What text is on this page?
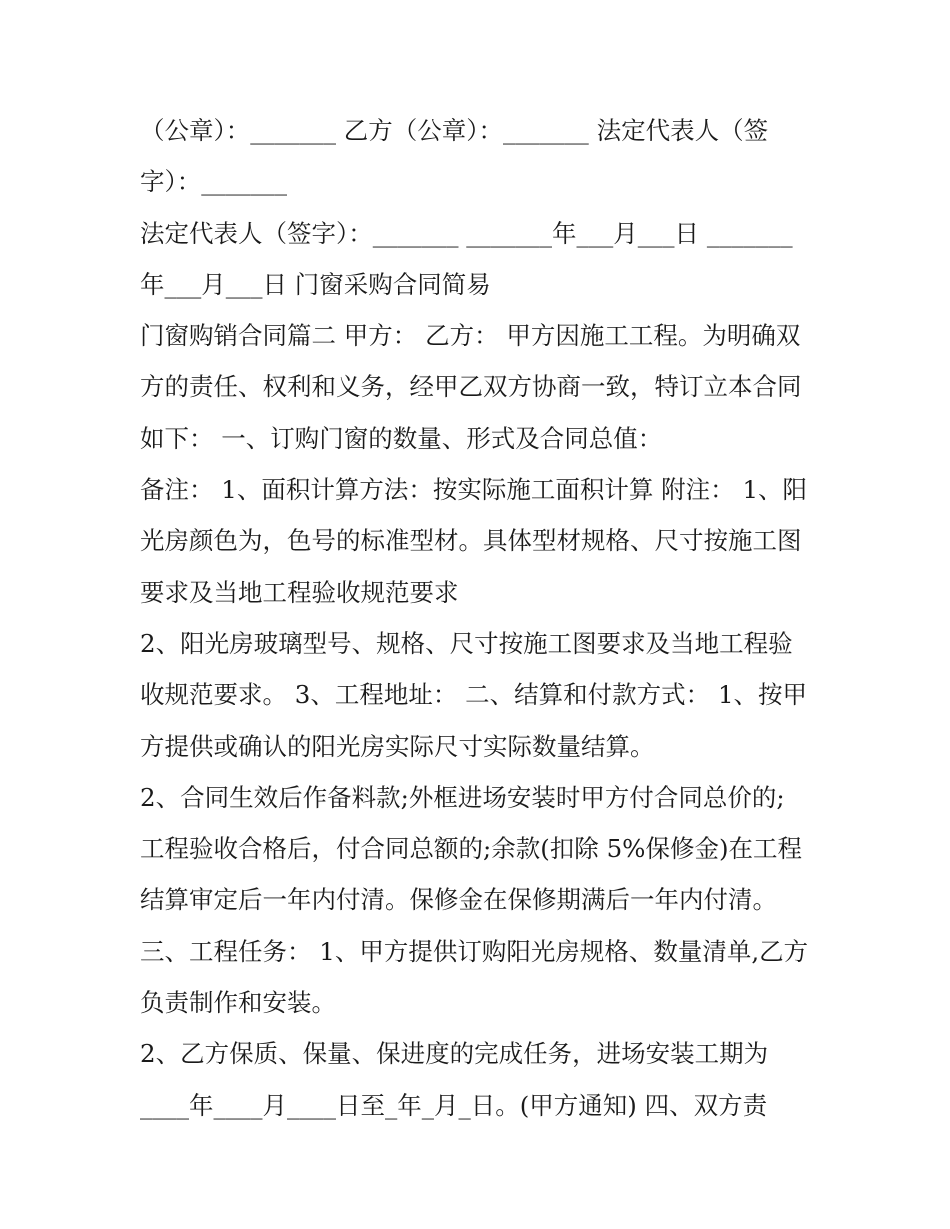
（公章）：_______ 乙方（公章）：_______ 法定代表人（签
字）：_______
法定代表人（签字）：_______ _______年___月___日 _______
年___月___日 门窗采购合同简易
门窗购销合同篇二 甲方： 乙方： 甲方因施工工程。为明确双
方的责任、权利和义务，经甲乙双方协商一致，特订立本合同
如下： 一、订购门窗的数量、形式及合同总值：
备注： 1、面积计算方法：按实际施工面积计算 附注： 1、阳
光房颜色为，色号的标准型材。具体型材规格、尺寸按施工图
要求及当地工程验收规范要求
2、阳光房玻璃型号、规格、尺寸按施工图要求及当地工程验
收规范要求。 3、工程地址： 二、结算和付款方式： 1、按甲
方提供或确认的阳光房实际尺寸实际数量结算。
2、合同生效后作备料款;外框进场安装时甲方付合同总价的;
工程验收合格后，付合同总额的;余款(扣除 5%保修金)在工程
结算审定后一年内付清。保修金在保修期满后一年内付清。
三、工程任务： 1、甲方提供订购阳光房规格、数量清单,乙方
负责制作和安装。
2、乙方保质、保量、保进度的完成任务，进场安装工期为
____年____月____日至_年_月_日。(甲方通知) 四、双方责
